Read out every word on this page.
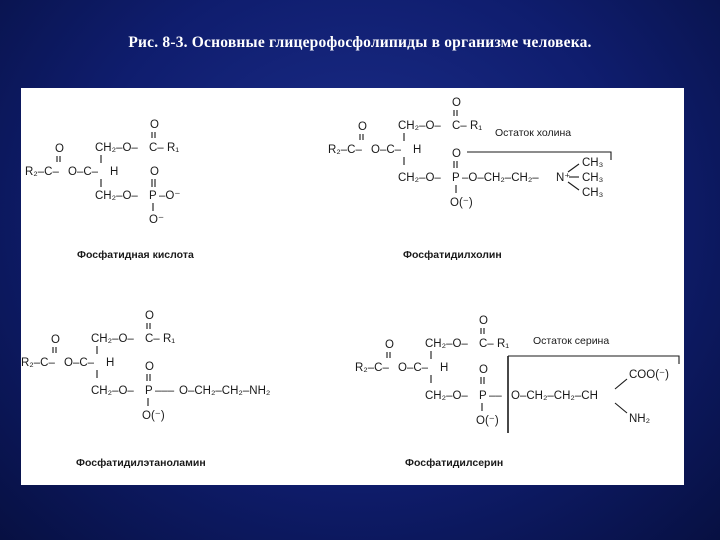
Рис. 8-3. Основные глицерофосфолипиды в организме человека.
O
CH₂–O– C– R₁
O
R₂–C– O–C– H
CH₂–O– P –O⁻
O
O⁻
Фосфатидная кислота
O
CH₂–O– C– R₁
Остаток холина
O
R₂–C– O–C– H	O
CH₂–O– P –O–CH₂–CH₂– N⁺
CH₃
CH₃
CH₃
O(⁻)
Фосфатидилхолин
O
CH₂–O– C– R₁
O
R₂–C– O–C– H	O
CH₂–O– P ––– O–CH₂–CH₂–NH₂
O(⁻)
Фосфатидилэтаноламин
O
CH₂–O– C– R₁ Остаток серина
O
R₂–C– O–C– H	O
CH₂–O– P –– O–CH₂–CH₂–CH
COO(⁻)
NH₂
O(⁻)
Фосфатидилсерин
